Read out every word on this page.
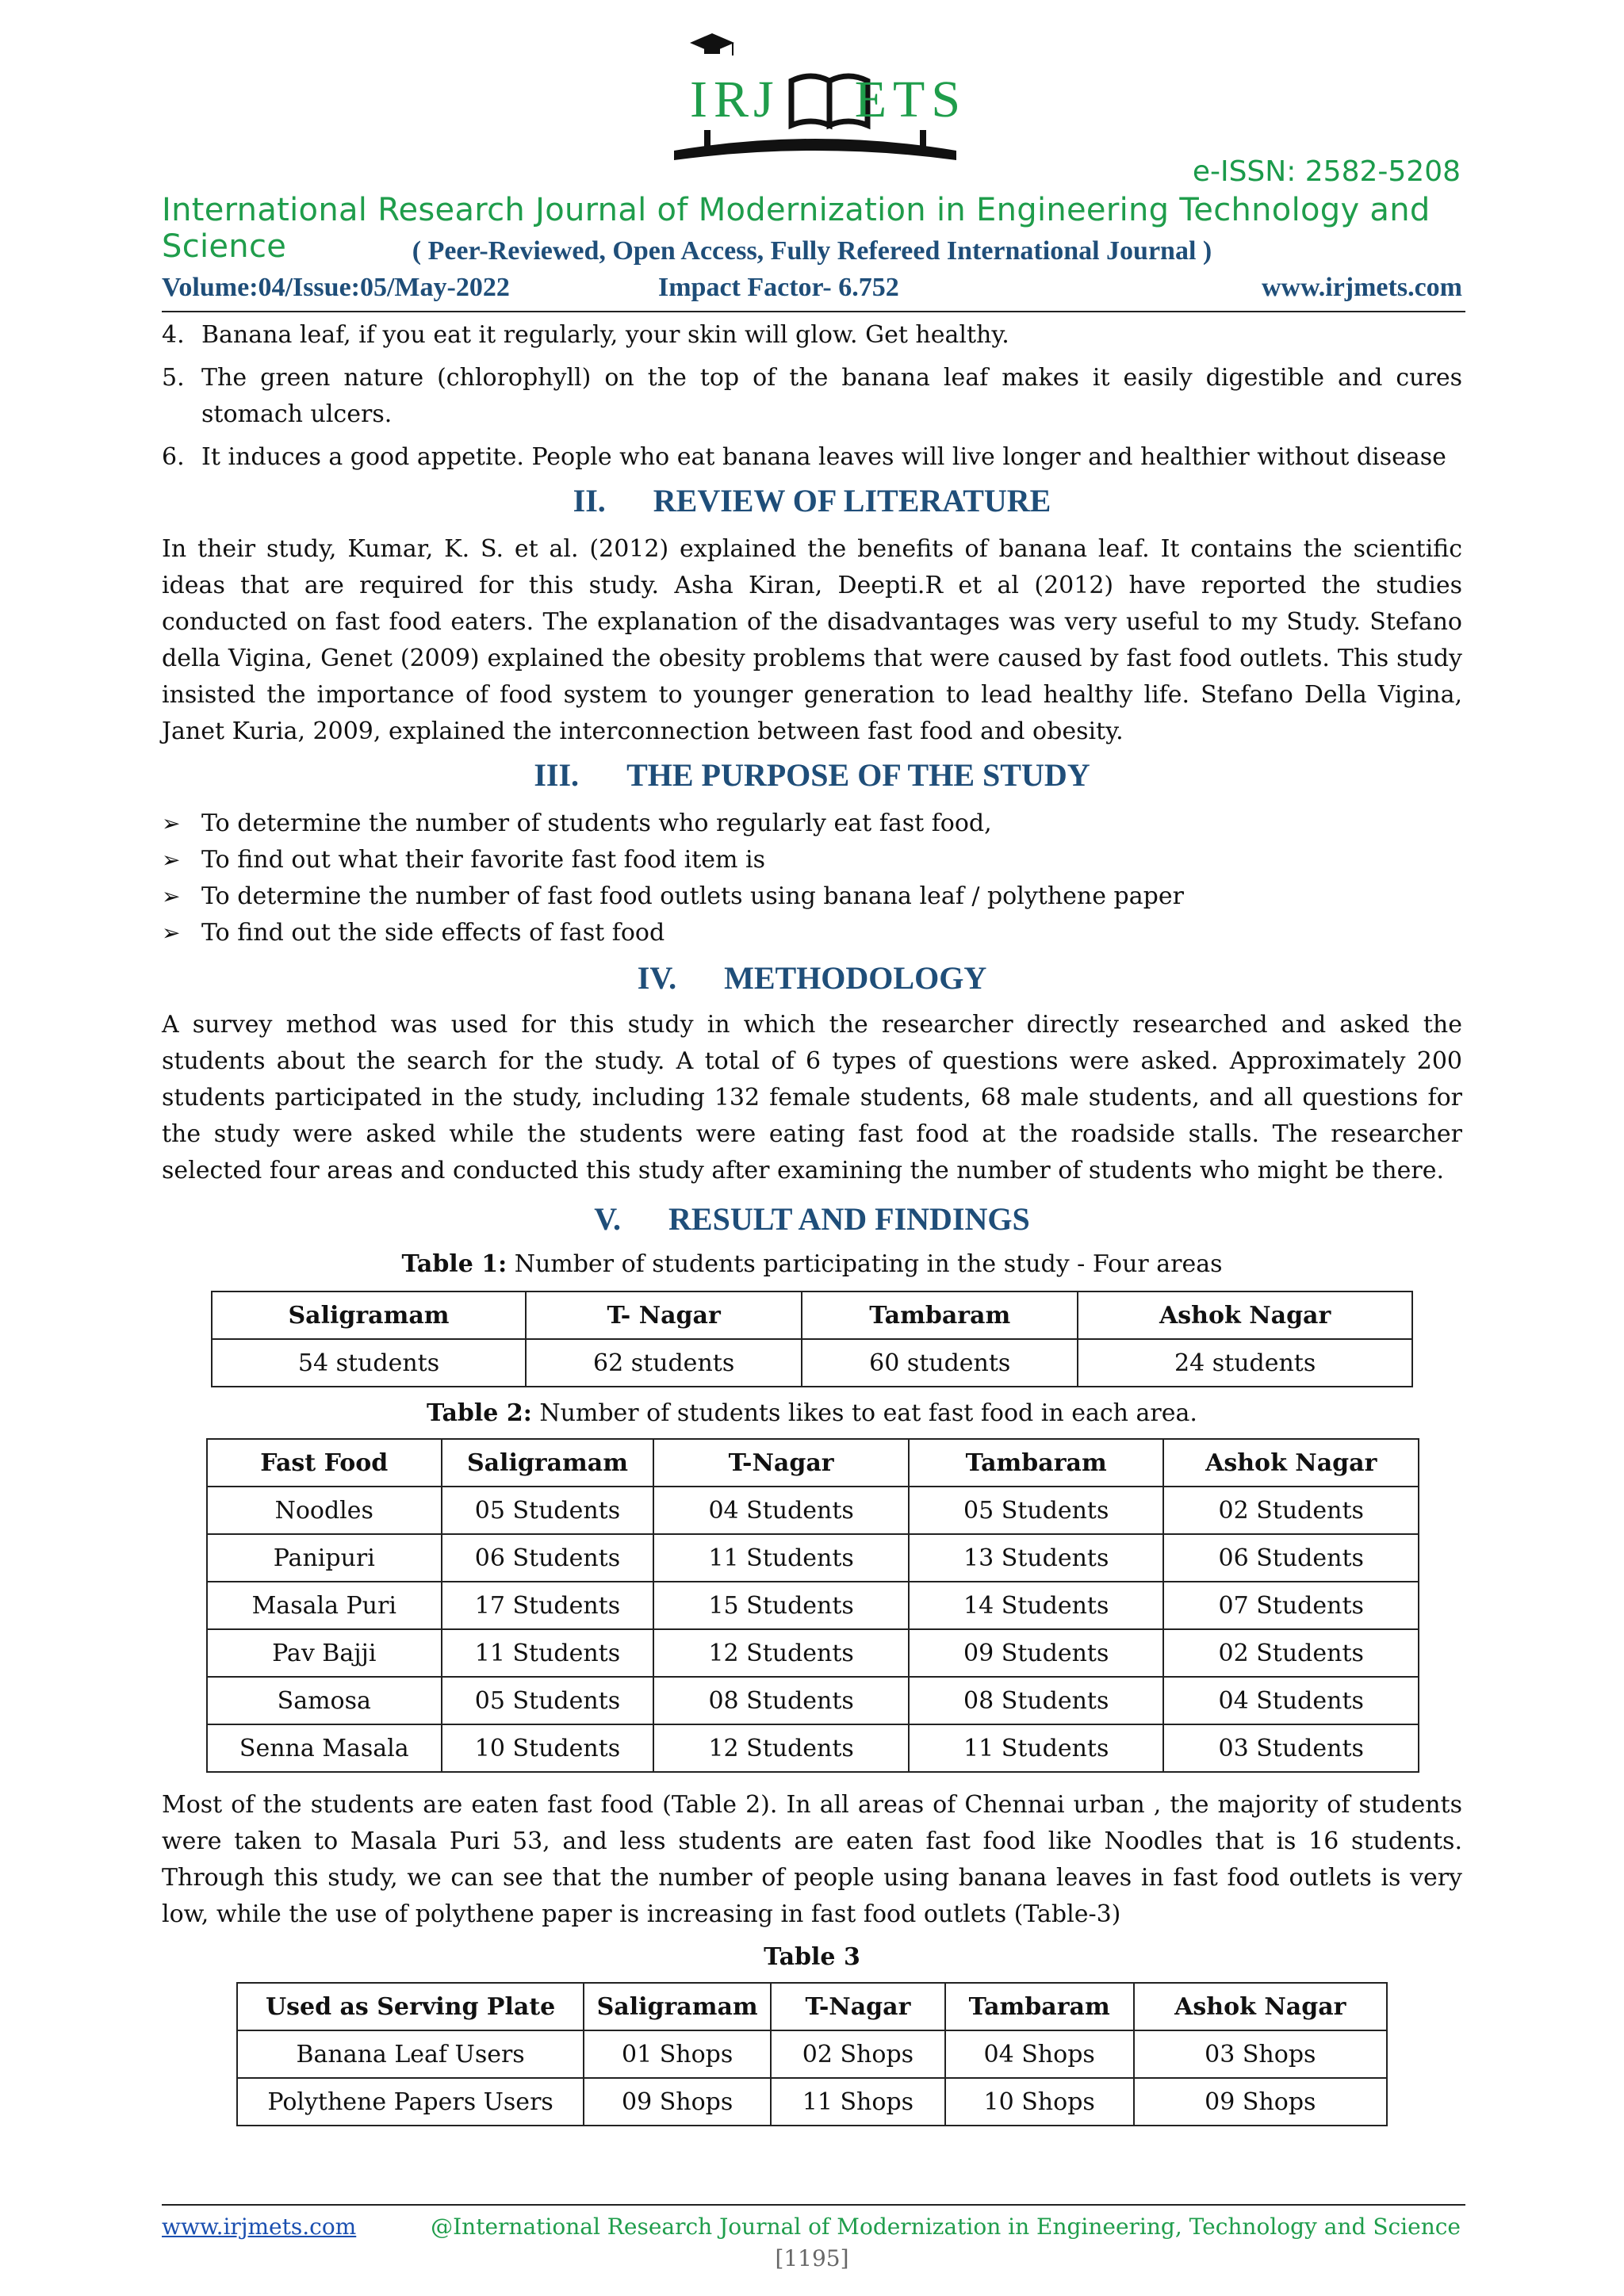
IRJ ETS
e-ISSN: 2582-5208
International Research Journal of Modernization in Engineering Technology and Science	( Peer-Reviewed, Open Access, Fully Refereed International Journal )
Volume:04/Issue:05/May-2022	Impact Factor- 6.752	www.irjmets.com
4. Banana leaf, if you eat it regularly, your skin will glow. Get healthy.
5. The green nature (chlorophyll) on the top of the banana leaf makes it easily digestible and cures stomach ulcers.
6. It induces a good appetite. People who eat banana leaves will live longer and healthier without disease
II. REVIEW OF LITERATURE
In their study, Kumar, K. S. et al. (2012) explained the benefits of banana leaf. It contains the scientific ideas that are required for this study. Asha Kiran, Deepti.R et al (2012) have reported the studies conducted on fast food eaters. The explanation of the disadvantages was very useful to my Study. Stefano della Vigina, Genet (2009) explained the obesity problems that were caused by fast food outlets. This study insisted the importance of food system to younger generation to lead healthy life. Stefano Della Vigina, Janet Kuria, 2009, explained the interconnection between fast food and obesity.
III. THE PURPOSE OF THE STUDY
➢ To determine the number of students who regularly eat fast food,
➢ To find out what their favorite fast food item is
➢ To determine the number of fast food outlets using banana leaf / polythene paper
➢ To find out the side effects of fast food
IV. METHODOLOGY
A survey method was used for this study in which the researcher directly researched and asked the students about the search for the study. A total of 6 types of questions were asked. Approximately 200 students participated in the study, including 132 female students, 68 male students, and all questions for the study were asked while the students were eating fast food at the roadside stalls. The researcher selected four areas and conducted this study after examining the number of students who might be there.
V. RESULT AND FINDINGS
Table 1: Number of students participating in the study - Four areas
Saligramam	T- Nagar	Tambaram	Ashok Nagar
54 students	62 students	60 students	24 students
Table 2: Number of students likes to eat fast food in each area.
Fast Food	Saligramam	T-Nagar	Tambaram	Ashok Nagar
Noodles	05 Students	04 Students	05 Students	02 Students
Panipuri	06 Students	11 Students	13 Students	06 Students
Masala Puri	17 Students	15 Students	14 Students	07 Students
Pav Bajji	11 Students	12 Students	09 Students	02 Students
Samosa	05 Students	08 Students	08 Students	04 Students
Senna Masala	10 Students	12 Students	11 Students	03 Students
Most of the students are eaten fast food (Table 2). In all areas of Chennai urban , the majority of students were taken to Masala Puri 53, and less students are eaten fast food like Noodles that is 16 students. Through this study, we can see that the number of people using banana leaves in fast food outlets is very low, while the use of polythene paper is increasing in fast food outlets (Table-3)
Table 3
Used as Serving Plate	Saligramam	T-Nagar	Tambaram	Ashok Nagar
Banana Leaf Users	01 Shops	02 Shops	04 Shops	03 Shops
Polythene Papers Users	09 Shops	11 Shops	10 Shops	09 Shops
www.irjmets.com	@International Research Journal of Modernization in Engineering, Technology and Science
[1195]
